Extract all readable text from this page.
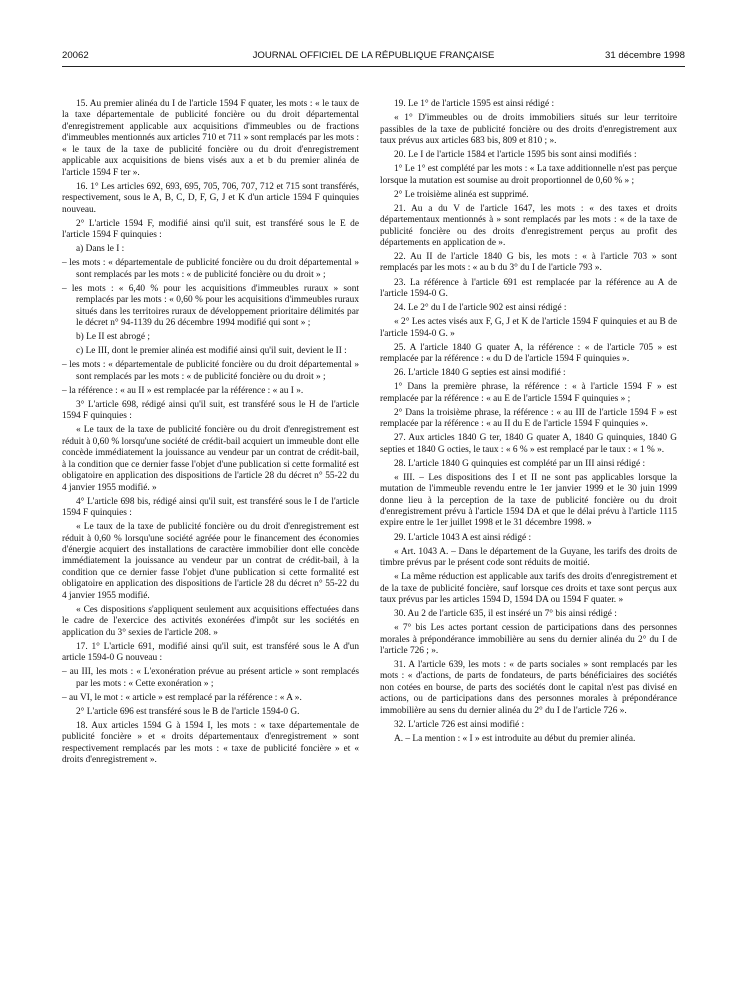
20062	JOURNAL OFFICIEL DE LA RÉPUBLIQUE FRANÇAISE	31 décembre 1998

15. Au premier alinéa du I de l'article 1594 F quater, les mots : « le taux de la taxe départementale de publicité foncière ou du droit départemental d'enregistrement applicable aux acquisitions d'immeubles ou de fractions d'immeubles mentionnés aux articles 710 et 711 » sont remplacés par les mots : « le taux de la taxe de publicité foncière ou du droit d'enregistrement applicable aux acquisitions de biens visés aux a et b du premier alinéa de l'article 1594 F ter ».

16. 1° Les articles 692, 693, 695, 705, 706, 707, 712 et 715 sont transférés, respectivement, sous le A, B, C, D, F, G, J et K d'un article 1594 F quinquies nouveau.

2° L'article 1594 F, modifié ainsi qu'il suit, est transféré sous le E de l'article 1594 F quinquies :

a) Dans le I :

– les mots : « départementale de publicité foncière ou du droit départemental » sont remplacés par les mots : « de publicité foncière ou du droit » ;

– les mots : « 6,40 % pour les acquisitions d'immeubles ruraux » sont remplacés par les mots : « 0,60 % pour les acquisitions d'immeubles ruraux situés dans les territoires ruraux de développement prioritaire délimités par le décret n° 94-1139 du 26 décembre 1994 modifié qui sont » ;

b) Le II est abrogé ;

c) Le III, dont le premier alinéa est modifié ainsi qu'il suit, devient le II :

– les mots : « départementale de publicité foncière ou du droit départemental » sont remplacés par les mots : « de publicité foncière ou du droit » ;

– la référence : « au II » est remplacée par la référence : « au I ».

3° L'article 698, rédigé ainsi qu'il suit, est transféré sous le H de l'article 1594 F quinquies :

« Le taux de la taxe de publicité foncière ou du droit d'enregistrement est réduit à 0,60 % lorsqu'une société de crédit-bail acquiert un immeuble dont elle concède immédiatement la jouissance au vendeur par un contrat de crédit-bail, à la condition que ce dernier fasse l'objet d'une publication si cette formalité est obligatoire en application des dispositions de l'article 28 du décret n° 55-22 du 4 janvier 1955 modifié. »

4° L'article 698 bis, rédigé ainsi qu'il suit, est transféré sous le I de l'article 1594 F quinquies :

« Le taux de la taxe de publicité foncière ou du droit d'enregistrement est réduit à 0,60 % lorsqu'une société agréée pour le financement des économies d'énergie acquiert des installations de caractère immobilier dont elle concède immédiatement la jouissance au vendeur par un contrat de crédit-bail, à la condition que ce dernier fasse l'objet d'une publication si cette formalité est obligatoire en application des dispositions de l'article 28 du décret n° 55-22 du 4 janvier 1955 modifié.

« Ces dispositions s'appliquent seulement aux acquisitions effectuées dans le cadre de l'exercice des activités exonérées d'impôt sur les sociétés en application du 3° sexies de l'article 208. »

17. 1° L'article 691, modifié ainsi qu'il suit, est transféré sous le A d'un article 1594-0 G nouveau :

– au III, les mots : « L'exonération prévue au présent article » sont remplacés par les mots : « Cette exonération » ;

– au VI, le mot : « article » est remplacé par la référence : « A ».

2° L'article 696 est transféré sous le B de l'article 1594-0 G.

18. Aux articles 1594 G à 1594 I, les mots : « taxe départementale de publicité foncière » et « droits départementaux d'enregistrement » sont respectivement remplacés par les mots : « taxe de publicité foncière » et « droits d'enregistrement ».

19. Le 1° de l'article 1595 est ainsi rédigé :

« 1° D'immeubles ou de droits immobiliers situés sur leur territoire passibles de la taxe de publicité foncière ou des droits d'enregistrement aux taux prévus aux articles 683 bis, 809 et 810 ; ».

20. Le I de l'article 1584 et l'article 1595 bis sont ainsi modifiés :

1° Le 1° est complété par les mots : « La taxe additionnelle n'est pas perçue lorsque la mutation est soumise au droit proportionnel de 0,60 % » ;

2° Le troisième alinéa est supprimé.

21. Au a du V de l'article 1647, les mots : « des taxes et droits départementaux mentionnés à » sont remplacés par les mots : « de la taxe de publicité foncière ou des droits d'enregistrement perçus au profit des départements en application de ».

22. Au II de l'article 1840 G bis, les mots : « à l'article 703 » sont remplacés par les mots : « au b du 3° du I de l'article 793 ».

23. La référence à l'article 691 est remplacée par la référence au A de l'article 1594-0 G.

24. Le 2° du I de l'article 902 est ainsi rédigé :

« 2° Les actes visés aux F, G, J et K de l'article 1594 F quinquies et au B de l'article 1594-0 G. »

25. A l'article 1840 G quater A, la référence : « de l'article 705 » est remplacée par la référence : « du D de l'article 1594 F quinquies ».

26. L'article 1840 G septies est ainsi modifié :

1° Dans la première phrase, la référence : « à l'article 1594 F » est remplacée par la référence : « au E de l'article 1594 F quinquies » ;

2° Dans la troisième phrase, la référence : « au III de l'article 1594 F » est remplacée par la référence : « au II du E de l'article 1594 F quinquies ».

27. Aux articles 1840 G ter, 1840 G quater A, 1840 G quinquies, 1840 G septies et 1840 G octies, le taux : « 6 % » est remplacé par le taux : « 1 % ».

28. L'article 1840 G quinquies est complété par un III ainsi rédigé :

« III. – Les dispositions des I et II ne sont pas applicables lorsque la mutation de l'immeuble revendu entre le 1er janvier 1999 et le 30 juin 1999 donne lieu à la perception de la taxe de publicité foncière ou du droit d'enregistrement prévu à l'article 1594 DA et que le délai prévu à l'article 1115 expire entre le 1er juillet 1998 et le 31 décembre 1998. »

29. L'article 1043 A est ainsi rédigé :

« Art. 1043 A. – Dans le département de la Guyane, les tarifs des droits de timbre prévus par le présent code sont réduits de moitié.

« La même réduction est applicable aux tarifs des droits d'enregistrement et de la taxe de publicité foncière, sauf lorsque ces droits et taxe sont perçus aux taux prévus par les articles 1594 D, 1594 DA ou 1594 F quater. »

30. Au 2 de l'article 635, il est inséré un 7° bis ainsi rédigé :

« 7° bis Les actes portant cession de participations dans des personnes morales à prépondérance immobilière au sens du dernier alinéa du 2° du I de l'article 726 ; ».

31. A l'article 639, les mots : « de parts sociales » sont remplacés par les mots : « d'actions, de parts de fondateurs, de parts bénéficiaires des sociétés non cotées en bourse, de parts des sociétés dont le capital n'est pas divisé en actions, ou de participations dans des personnes morales à prépondérance immobilière au sens du dernier alinéa du 2° du I de l'article 726 ».

32. L'article 726 est ainsi modifié :

A. – La mention : « I » est introduite au début du premier alinéa.
